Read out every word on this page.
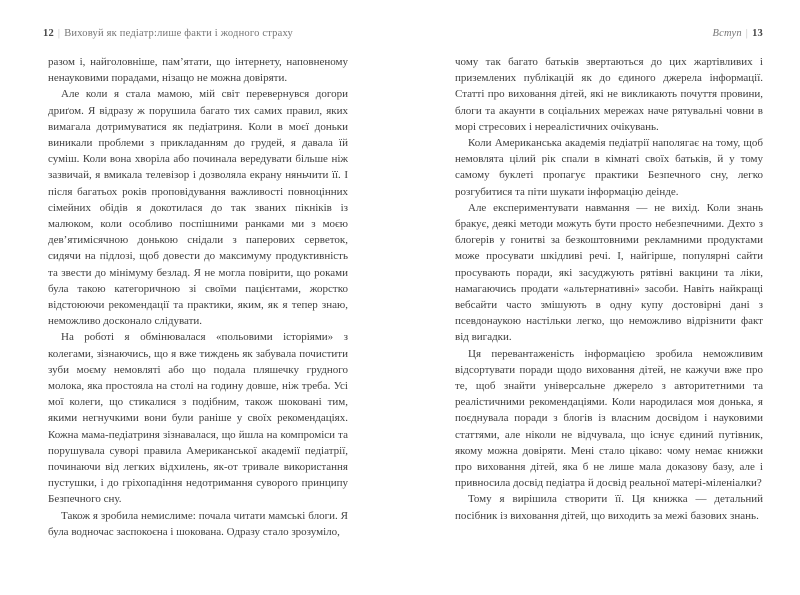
12 | Виховуй як педіатр:лише факти і жодного страху

разом і, найголовніше, пам’ятати, що інтернету, наповненому ненауковими порадами, нізащо не можна довіряти.

Але коли я стала мамою, мій світ перевернувся догори дриґом. Я відразу ж порушила багато тих самих правил, яких вимагала дотримуватися як педіатриня. Коли в моєї доньки виникали проблеми з прикладанням до грудей, я давала їй суміш. Коли вона хворіла або починала вередувати більше ніж зазвичай, я вмикала телевізор і дозволяла екрану няньчити її. І після багатьох років проповідування важливості повноцінних сімейних обідів я докотилася до так званих пікніків із малюком, коли особливо поспішними ранками ми з моєю дев’ятимісячною донькою снідали з паперових серветок, сидячи на підлозі, щоб довести до максимуму продуктивність та звести до мінімуму безлад. Я не могла повірити, що роками була такою категоричною зі своїми пацієнтами, жорстко відстоюючи рекомендації та практики, яким, як я тепер знаю, неможливо досконало слідувати.

На роботі я обмінювалася «польовими історіями» з колегами, зізнаючись, що я вже тиждень як забувала почистити зуби моєму немовляті або що подала пляшечку грудного молока, яка простояла на столі на годину довше, ніж треба. Усі мої колеги, що стикалися з подібним, також шоковані тим, якими негнучкими вони були раніше у своїх рекомендаціях. Кожна мама-педіатриня зізнавалася, що йшла на компроміси та порушувала суворі правила Американської академії педіатрії, починаючи від легких відхилень, як-от тривале використання пустушки, і до гріхопадіння недотримання суворого принципу Безпечного сну.

Також я зробила немислиме: почала читати мамські блоги. Я була водночас заспокоєна і шокована. Одразу стало зрозуміло,

Вступ | 13

чому так багато батьків звертаються до цих жартівливих і приземлених публікацій як до єдиного джерела інформації. Статті про виховання дітей, які не викликають почуття провини, блоги та акаунти в соціальних мережах наче рятувальні човни в морі стресових і нереалістичних очікувань.

Коли Американська академія педіатрії наполягає на тому, щоб немовлята цілий рік спали в кімнаті своїх батьків, й у тому самому буклеті пропагує практики Безпечного сну, легко розгубитися та піти шукати інформацію деінде.

Але експериментувати навмання — не вихід. Коли знань бракує, деякі методи можуть бути просто небезпечними. Дехто з блогерів у гонитві за безкоштовними рекламними продуктами може просувати шкідливі речі. І, найгірше, популярні сайти просувають поради, які засуджують рятівні вакцини та ліки, намагаючись продати «альтернативні» засоби. Навіть найкращі вебсайти часто змішують в одну купу достовірні дані з псевдонаукою настільки легко, що неможливо відрізнити факт від вигадки.

Ця перевантаженість інформацією зробила неможливим відсортувати поради щодо виховання дітей, не кажучи вже про те, щоб знайти універсальне джерело з авторитетними та реалістичними рекомендаціями. Коли народилася моя донька, я поєднувала поради з блогів із власним досвідом і науковими статтями, але ніколи не відчувала, що існує єдиний путівник, якому можна довіряти. Мені стало цікаво: чому немає книжки про виховання дітей, яка б не лише мала доказову базу, але і привносила досвід педіатра й досвід реальної матері-міленіалки?

Тому я вирішила створити її. Ця книжка — детальний посібник із виховання дітей, що виходить за межі базових знань.
